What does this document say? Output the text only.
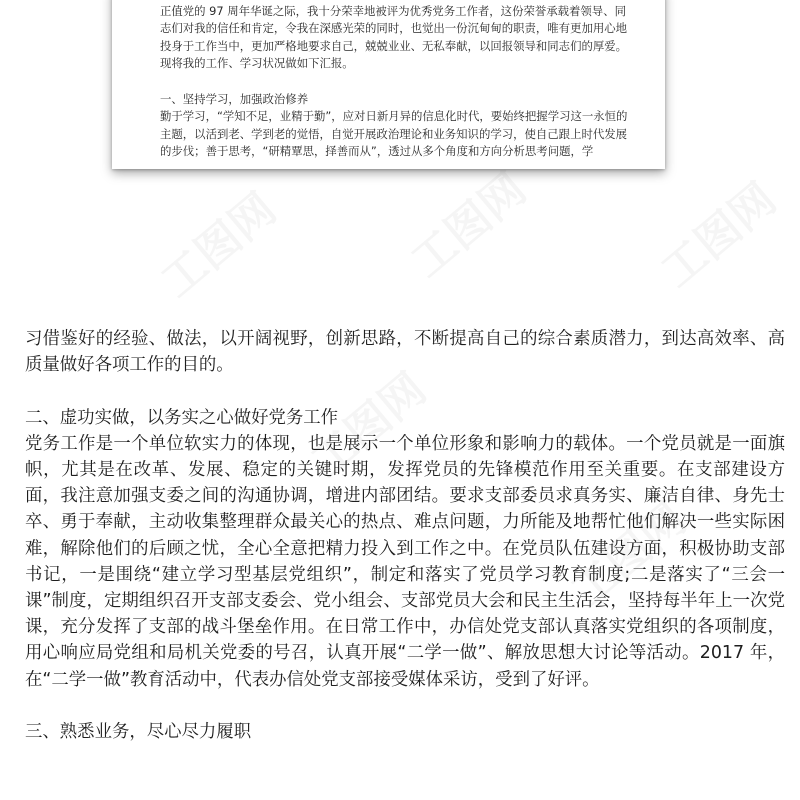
工图网	工图网	工图网
工图网
工图网

正值党的 97 周年华诞之际，我十分荣幸地被评为优秀党务工作者，这份荣誉承载着领导、同志们对我的信任和肯定，令我在深感光荣的同时，也觉出一份沉甸甸的职责，唯有更加用心地投身于工作当中，更加严格地要求自己，兢兢业业、无私奉献，以回报领导和同志们的厚爱。现将我的工作、学习状况做如下汇报。

一、坚持学习，加强政治修养

勤于学习，“学知不足，业精于勤”，应对日新月异的信息化时代，要始终把握学习这一永恒的主题，以活到老、学到老的觉悟，自觉开展政治理论和业务知识的学习，使自己跟上时代发展的步伐；善于思考，“研精覃思，择善而从”，透过从多个角度和方向分析思考问题，学

习借鉴好的经验、做法，以开阔视野，创新思路，不断提高自己的综合素质潜力，到达高效率、高质量做好各项工作的目的。

二、虚功实做，以务实之心做好党务工作

党务工作是一个单位软实力的体现，也是展示一个单位形象和影响力的载体。一个党员就是一面旗帜，尤其是在改革、发展、稳定的关键时期，发挥党员的先锋模范作用至关重要。在支部建设方面，我注意加强支委之间的沟通协调，增进内部团结。要求支部委员求真务实、廉洁自律、身先士卒、勇于奉献，主动收集整理群众最关心的热点、难点问题，力所能及地帮忙他们解决一些实际困难，解除他们的后顾之忧，全心全意把精力投入到工作之中。在党员队伍建设方面，积极协助支部书记，一是围绕“建立学习型基层党组织”，制定和落实了党员学习教育制度;二是落实了“三会一课”制度，定期组织召开支部支委会、党小组会、支部党员大会和民主生活会，坚持每半年上一次党课，充分发挥了支部的战斗堡垒作用。在日常工作中，办信处党支部认真落实党组织的各项制度，用心响应局党组和局机关党委的号召，认真开展“二学一做”、解放思想大讨论等活动。2017 年，在“二学一做”教育活动中，代表办信处党支部接受媒体采访，受到了好评。

三、熟悉业务，尽心尽力履职
